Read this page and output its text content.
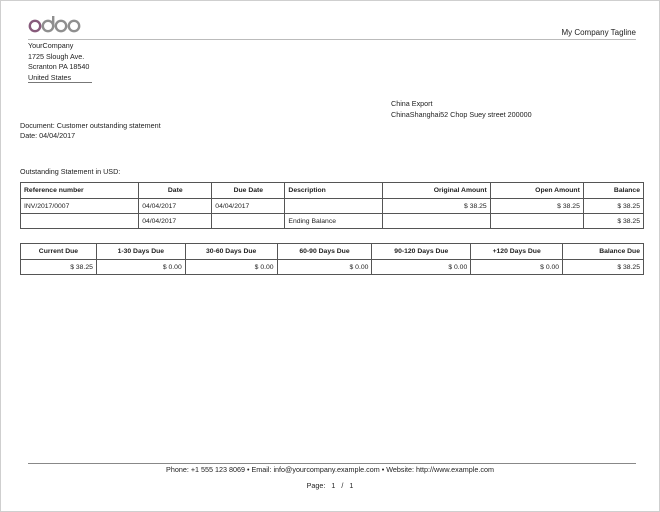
odoo
My Company Tagline
YourCompany
1725 Slough Ave.
Scranton PA 18540
United States
China Export
ChinaShanghai52 Chop Suey street 200000
Document: Customer outstanding statement
Date: 04/04/2017
Outstanding Statement in USD:
Reference number	Date	Due Date	Description	Original Amount	Open Amount	Balance
INV/2017/0007	04/04/2017	04/04/2017		$ 38.25	$ 38.25	$ 38.25
	04/04/2017		Ending Balance			$ 38.25
Current Due	1-30 Days Due	30-60 Days Due	60-90 Days Due	90-120 Days Due	+120 Days Due	Balance Due
$ 38.25	$ 0.00	$ 0.00	$ 0.00	$ 0.00	$ 0.00	$ 38.25
Phone: +1 555 123 8069 • Email: info@yourcompany.example.com • Website: http://www.example.com
Page: 1 / 1
